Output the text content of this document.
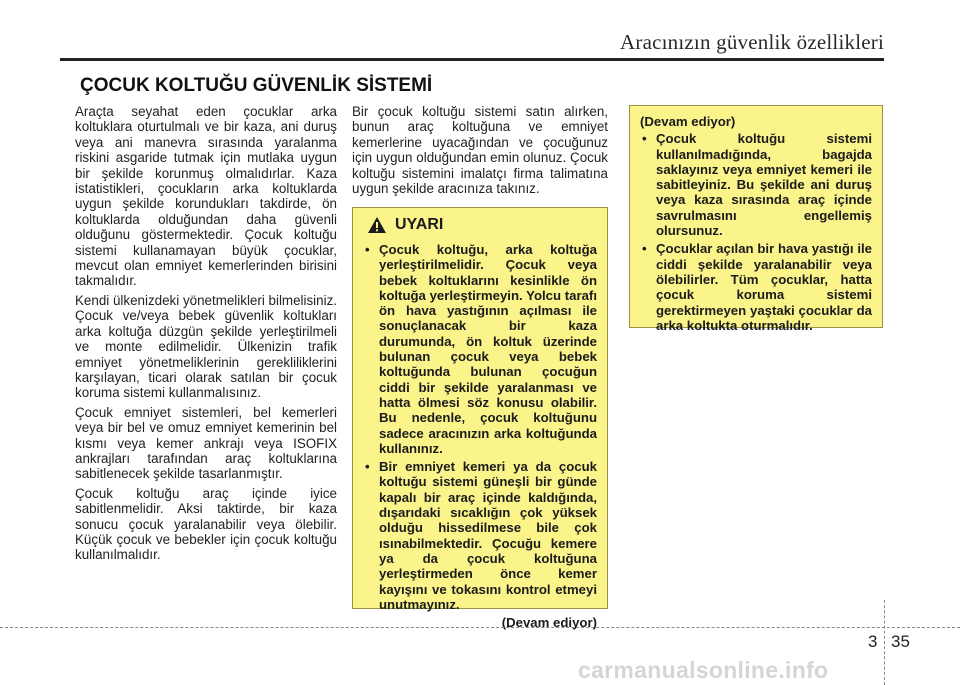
Aracınızın güvenlik özellikleri
ÇOCUK KOLTUĞU GÜVENLİK SİSTEMİ

Araçta seyahat eden çocuklar arka koltuklara oturtulmalı ve bir kaza, ani duruş veya ani manevra sırasında yaralanma riskini asgaride tutmak için mutlaka uygun bir şekilde korunmuş olmalıdırlar. Kaza istatistikleri, çocukların arka koltuklarda uygun şekilde korundukları takdirde, ön koltuklarda olduğundan daha güvenli olduğunu göstermektedir. Çocuk koltuğu sistemi kullanamayan büyük çocuklar, mevcut olan emniyet kemerlerinden birisini takmalıdır.

Kendi ülkenizdeki yönetmelikleri bilmelisiniz. Çocuk ve/veya bebek güvenlik koltukları arka koltuğa düzgün şekilde yerleştirilmeli ve monte edilmelidir. Ülkenizin trafik emniyet yönetmeliklerinin gerekliliklerini karşılayan, ticari olarak satılan bir çocuk koruma sistemi kullanmalısınız.

Çocuk emniyet sistemleri, bel kemerleri veya bir bel ve omuz emniyet kemerinin bel kısmı veya kemer ankrajı veya ISOFIX ankrajları tarafından araç koltuklarına sabitlenecek şekilde tasarlanmıştır.

Çocuk koltuğu araç içinde iyice sabitlenmelidir. Aksi taktirde, bir kaza sonucu çocuk yaralanabilir veya ölebilir. Küçük çocuk ve bebekler için çocuk koltuğu kullanılmalıdır.

Bir çocuk koltuğu sistemi satın alırken, bunun araç koltuğuna ve emniyet kemerlerine uyacağından ve çocuğunuz için uygun olduğundan emin olunuz. Çocuk koltuğu sistemini imalatçı firma talimatına uygun şekilde aracınıza takınız.

UYARI
• Çocuk koltuğu, arka koltuğa yerleştirilmelidir. Çocuk veya bebek koltuklarını kesinlikle ön koltuğa yerleştirmeyin. Yolcu tarafı ön hava yastığının açılması ile sonuçlanacak bir kaza durumunda, ön koltuk üzerinde bulunan çocuk veya bebek koltuğunda bulunan çocuğun ciddi bir şekilde yaralanması ve hatta ölmesi söz konusu olabilir. Bu nedenle, çocuk koltuğunu sadece aracınızın arka koltuğunda kullanınız.
• Bir emniyet kemeri ya da çocuk koltuğu sistemi güneşli bir günde kapalı bir araç içinde kaldığında, dışarıdaki sıcaklığın çok yüksek olduğu hissedilmese bile çok ısınabilmektedir. Çocuğu kemere ya da çocuk koltuğuna yerleştirmeden önce kemer kayışını ve tokasını kontrol etmeyi unutmayınız.
(Devam ediyor)
(Devam ediyor)
• Çocuk koltuğu sistemi kullanılmadığında, bagajda saklayınız veya emniyet kemeri ile sabitleyiniz. Bu şekilde ani duruş veya kaza sırasında araç içinde savrulmasını engellemiş olursunuz.
• Çocuklar açılan bir hava yastığı ile ciddi şekilde yaralanabilir veya ölebilirler. Tüm çocuklar, hatta çocuk koruma sistemi gerektirmeyen yaştaki çocuklar da arka koltukta oturmalıdır.
3 35
carmanualsonline.info
